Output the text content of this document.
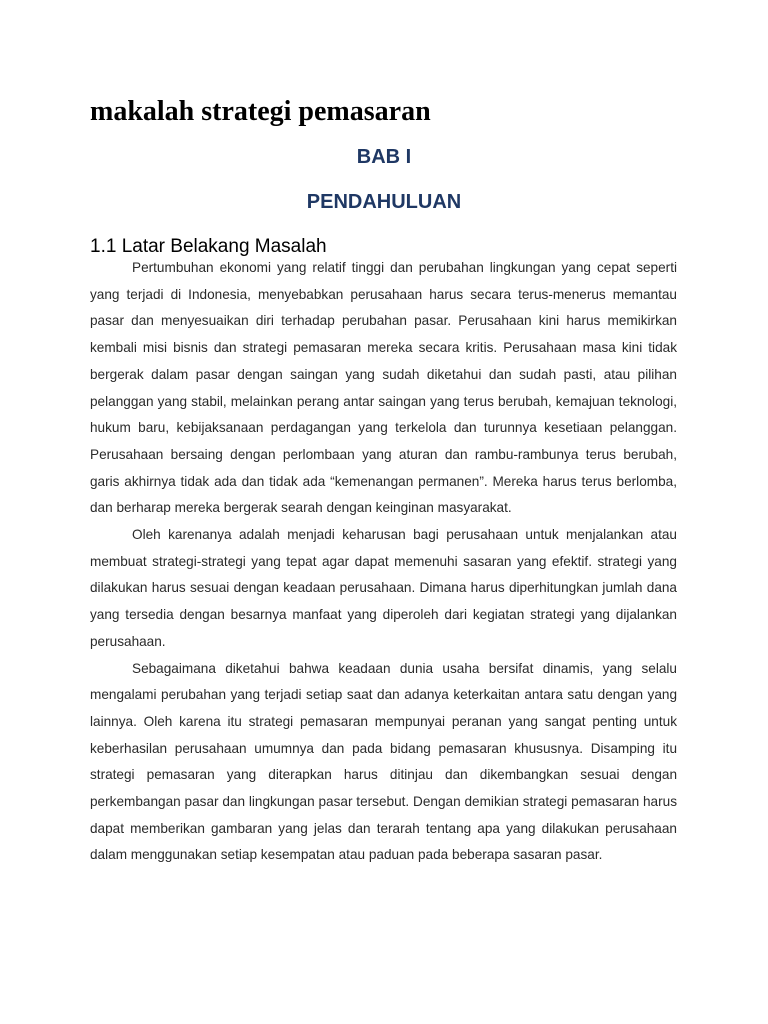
makalah strategi pemasaran
BAB I
PENDAHULUAN
1.1 Latar Belakang Masalah

Pertumbuhan ekonomi yang relatif tinggi dan perubahan lingkungan yang cepat seperti yang terjadi di Indonesia, menyebabkan perusahaan harus secara terus-menerus memantau pasar dan menyesuaikan diri terhadap perubahan pasar. Perusahaan kini harus memikirkan kembali misi bisnis dan strategi pemasaran mereka secara kritis. Perusahaan masa kini tidak bergerak dalam pasar dengan saingan yang sudah diketahui dan sudah pasti, atau pilihan pelanggan yang stabil, melainkan perang antar saingan yang terus berubah, kemajuan teknologi, hukum baru, kebijaksanaan perdagangan yang terkelola dan turunnya kesetiaan pelanggan. Perusahaan bersaing dengan perlombaan yang aturan dan rambu-rambunya terus berubah, garis akhirnya tidak ada dan tidak ada “kemenangan permanen”. Mereka harus terus berlomba, dan berharap mereka bergerak searah dengan keinginan masyarakat.

Oleh karenanya adalah menjadi keharusan bagi perusahaan untuk menjalankan atau membuat strategi-strategi yang tepat agar dapat memenuhi sasaran yang efektif. strategi yang dilakukan harus sesuai dengan keadaan perusahaan. Dimana harus diperhitungkan jumlah dana yang tersedia dengan besarnya manfaat yang diperoleh dari kegiatan strategi yang dijalankan perusahaan.

Sebagaimana diketahui bahwa keadaan dunia usaha bersifat dinamis, yang selalu mengalami perubahan yang terjadi setiap saat dan adanya keterkaitan antara satu dengan yang lainnya. Oleh karena itu strategi pemasaran mempunyai peranan yang sangat penting untuk keberhasilan perusahaan umumnya dan pada bidang pemasaran khususnya. Disamping itu strategi pemasaran yang diterapkan harus ditinjau dan dikembangkan sesuai dengan perkembangan pasar dan lingkungan pasar tersebut. Dengan demikian strategi pemasaran harus dapat memberikan gambaran yang jelas dan terarah tentang apa yang dilakukan perusahaan dalam menggunakan setiap kesempatan atau paduan pada beberapa sasaran pasar.
